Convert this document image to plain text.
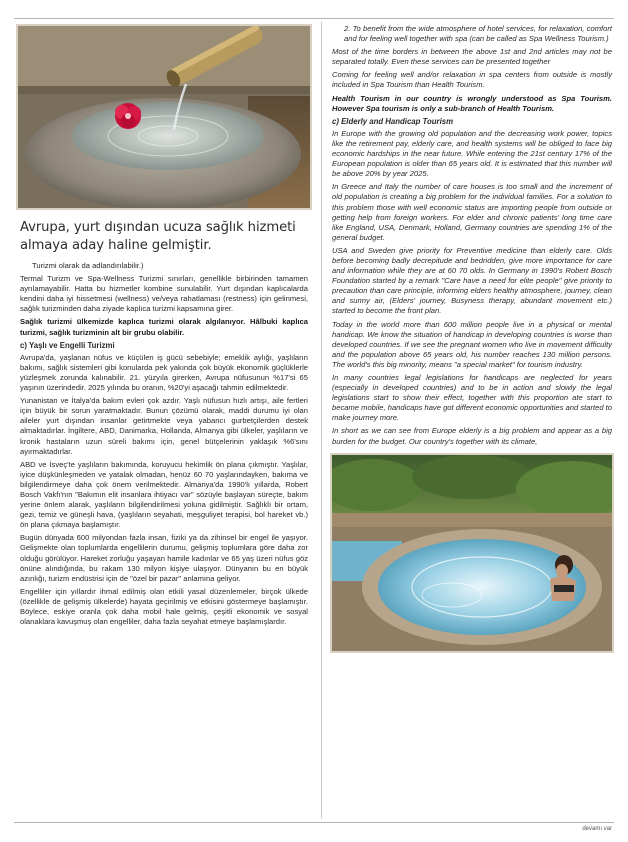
Avrupa, yurt dışından ucuza sağlık hizmeti almaya aday haline gelmiştir.

Turizmi olarak da adlandırılabilir.)

Termal Turizm ve Spa-Wellness Turizmi sınırları, genellikle birbirinden tamamen ayrılamayabilir. Hatta bu hizmetler kombine sunulabilir. Yurt dışından kaplıcalarda kendini daha iyi hissetmesi (wellness) ve/veya rahatlaması (restness) için gelinmesi, sağlık turizminden daha ziyade kaplıca turizmi kapsamına girer.

Sağlık turizmi ülkemizde kaplıca turizmi olarak algılanıyor. Hâlbuki kaplıca turizmi, sağlık turizminin alt bir grubu olabilir.

c) Yaşlı ve Engelli Turizmi

Avrupa'da, yaşlanan nüfus ve küçülen iş gücü sebebiyle; emeklik aylığı, yaşlıların bakımı, sağlık sistemleri gibi konularda pek yakında çok büyük ekonomik güçlüklerle yüzleşmek zorunda kalınabilir. 21. yüzyıla girerken, Avrupa nüfusunun %17'si 65 yaşının üzerindedir. 2025 yılında bu oranın, %20'yi aşacağı tahmin edilmektedir.

Yunanistan ve İtalya'da bakım evleri çok azdır. Yaşlı nüfusun hızlı artışı, aile fertleri için büyük bir sorun yaratmaktadır. Bunun çözümü olarak, maddi durumu iyi olan aileler yurt dışından insanlar getirtmekte veya yabancı gurbetçilerden destek almaktadırlar. İngiltere, ABD, Danimarka, Hollanda, Almanya gibi ülkeler, yaşlıların ve kronik hastaların uzun süreli bakımı için, genel bütçelerinin yaklaşık %6'sını ayırmaktadırlar.

ABD ve İsveç'te yaşlıların bakımında, koruyucu hekimlik ön plana çıkmıştır. Yaşlılar, iyice düşkünleşmeden ve yatalak olmadan, henüz 60 70 yaşlarındayken, bakıma ve bilgilendirmeye daha çok önem verilmektedir. Almanya'da 1990'lı yıllarda, Robert Bosch Vakfı'nın "Bakımın elit insanlara ihtiyacı var" sözüyle başlayan süreçte, bakım yerine önlem alarak, yaşlıların bilgilendirilmesi yoluna gidilmiştir. Sağlıklı bir ortam, gezi, temiz ve güneşli hava, (yaşlıların seyahati, meşguliyet terapisi, bol hareket vb.) ön plana çıkmaya başlamıştır.

Bugün dünyada 600 milyondan fazla insan, fiziki ya da zihinsel bir engel ile yaşıyor. Gelişmekte olan toplumlarda engellilerin durumu, gelişmiş toplumlara göre daha zor olduğu görülüyor. Hareket zorluğu yaşayan hamile kadınlar ve 65 yaş üzeri nüfus göz önüne alındığında, bu rakam 130 milyon kişiye ulaşıyor. Dünyanın bu en büyük azınlığı, turizm endüstrisi için de "özel bir pazar" anlamına geliyor.

Engelliler için yıllardır ihmal edilmiş olan etkili yasal düzenlemeler, birçok ülkede (özellikle de gelişmiş ülkelerde) hayata geçirilmiş ve etkisini göstermeye başlamıştır. Böylece, eskiye oranla çok daha mobil hale gelmiş, çeşitli ekonomik ve sosyal olanaklara kavuşmuş olan engelliler, daha fazla seyahat etmeye başlamışlardır.

2. To benefit from the wide atmosphere of hotel services, for relaxation, comfort and for feeling well together with spa (can be called as Spa Wellness Tourism.)

Most of the time borders in between the above 1st and 2nd articles may not be separated totally. Even these services can be presented together

Coming for feeling well and/or relaxation in spa centers from outside is mostly included in Spa Tourism than Health Tourism.

Health Tourism in our country is wrongly understood as Spa Tourism. However Spa tourism is only a sub-branch of Health Tourism.

c) Elderly and Handicap Tourism

In Europe with the growing old population and the decreasing work power, topics like the retirement pay, elderly care, and health systems will be obliged to face big economic hardships in the near future. While entering the 21st century 17% of the European population is older than 65 years old. It is estimated that this number will be above 20% by year 2025.

In Greece and Italy the number of care houses is too small and the increment of old population is creating a big problem for the individual families. For a solution to this problem those with well economic status are importing people from outside or getting help from foreign workers. For elder and chronic patients' long time care like England, USA, Denmark, Holland, Germany countries are spending 1% of the general budget.

USA and Sweden give priority for Preventive medicine than elderly care. Olds before becoming badly decrepitude and bedridden, give more importance for care and information while they are at 60 70 olds. In Germany in 1990's Robert Bosch Foundation started by a remark "Care have a need for elite people" give priority to precaution than care principle, informing elders healthy atmosphere, journey, clean and sunny air, (Elders' journey, Busyness therapy, abundant movement etc.) started to become the front plan.

Today in the world more than 600 million people live in a physical or mental handicap. We know the situation of handicap in developing countries is worse than developed countries. If we see the pregnant women who live in movement difficulty and the population above 65 years old, his number reaches 130 million persons. The world's this big minority, means "a special market" for tourism industry.

In many countries legal legislations for handicaps are neglected for years (especially in developed countries) and to be in action and slowly the legal legislations start to show their effect, together with this proportion ate start to became mobile, handicaps have got different economic opportunities and started to make journey more.

In short as we can see from Europe elderly is a big problem and appear as a big burden for the budget. Our country's together with its climate,

devamı var
